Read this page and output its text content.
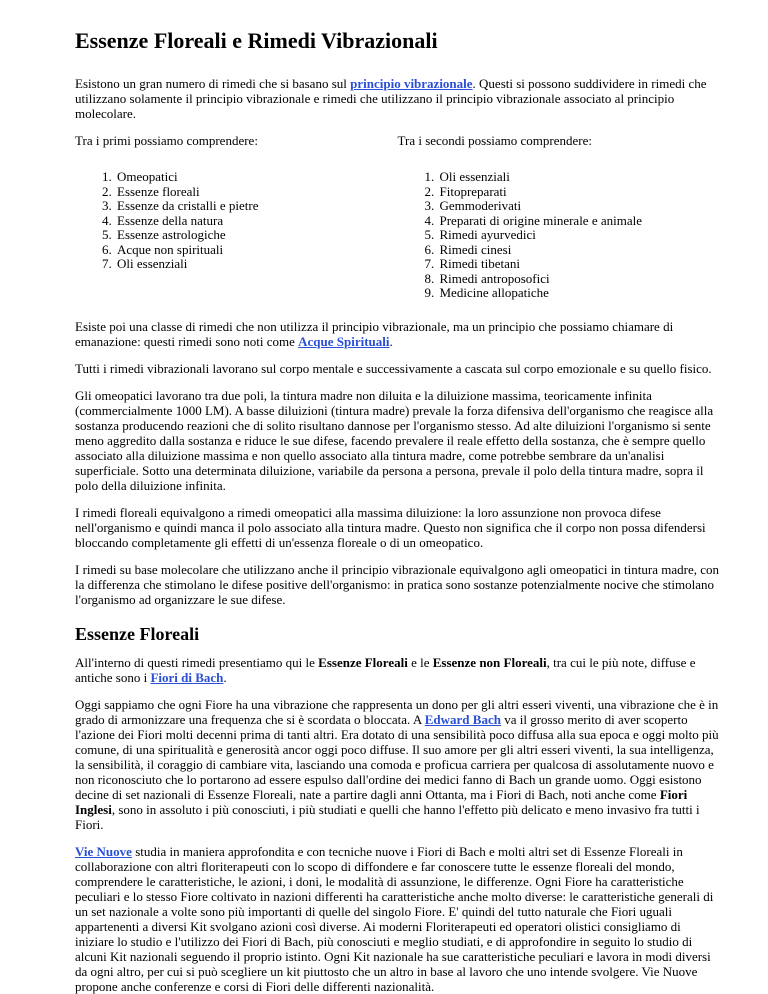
Essenze Floreali e Rimedi Vibrazionali

Esistono un gran numero di rimedi che si basano sul principio vibrazionale. Questi si possono suddividere in rimedi che utilizzano solamente il principio vibrazionale e rimedi che utilizzano il principio vibrazionale associato al principio molecolare.

Tra i primi possiamo comprendere:
1. Omeopatici
2. Essenze floreali
3. Essenze da cristalli e pietre
4. Essenze della natura
5. Essenze astrologiche
6. Acque non spirituali
7. Oli essenziali
Tra i secondi possiamo comprendere:
1. Oli essenziali
2. Fitopreparati
3. Gemmoderivati
4. Preparati di origine minerale e animale
5. Rimedi ayurvedici
6. Rimedi cinesi
7. Rimedi tibetani
8. Rimedi antroposofici
9. Medicine allopatiche

Esiste poi una classe di rimedi che non utilizza il principio vibrazionale, ma un principio che possiamo chiamare di emanazione: questi rimedi sono noti come Acque Spirituali.

Tutti i rimedi vibrazionali lavorano sul corpo mentale e successivamente a cascata sul corpo emozionale e su quello fisico.

Gli omeopatici lavorano tra due poli, la tintura madre non diluita e la diluizione massima, teoricamente infinita (commercialmente 1000 LM). A basse diluizioni (tintura madre) prevale la forza difensiva dell'organismo che reagisce alla sostanza producendo reazioni che di solito risultano dannose per l'organismo stesso. Ad alte diluizioni l'organismo si sente meno aggredito dalla sostanza e riduce le sue difese, facendo prevalere il reale effetto della sostanza, che è sempre quello associato alla diluizione massima e non quello associato alla tintura madre, come potrebbe sembrare da un'analisi superficiale. Sotto una determinata diluizione, variabile da persona a persona, prevale il polo della tintura madre, sopra il polo della diluizione infinita.

I rimedi floreali equivalgono a rimedi omeopatici alla massima diluizione: la loro assunzione non provoca difese nell'organismo e quindi manca il polo associato alla tintura madre. Questo non significa che il corpo non possa difendersi bloccando completamente gli effetti di un'essenza floreale o di un omeopatico.

I rimedi su base molecolare che utilizzano anche il principio vibrazionale equivalgono agli omeopatici in tintura madre, con la differenza che stimolano le difese positive dell'organismo: in pratica sono sostanze potenzialmente nocive che stimolano l'organismo ad organizzare le sue difese.

Essenze Floreali

All'interno di questi rimedi presentiamo qui le Essenze Floreali e le Essenze non Floreali, tra cui le più note, diffuse e antiche sono i Fiori di Bach.

Oggi sappiamo che ogni Fiore ha una vibrazione che rappresenta un dono per gli altri esseri viventi, una vibrazione che è in grado di armonizzare una frequenza che si è scordata o bloccata. A Edward Bach va il grosso merito di aver scoperto l'azione dei Fiori molti decenni prima di tanti altri. Era dotato di una sensibilità poco diffusa alla sua epoca e oggi molto più comune, di una spiritualità e generosità ancor oggi poco diffuse. Il suo amore per gli altri esseri viventi, la sua intelligenza, la sensibilità, il coraggio di cambiare vita, lasciando una comoda e proficua carriera per qualcosa di assolutamente nuovo e non riconosciuto che lo portarono ad essere espulso dall'ordine dei medici fanno di Bach un grande uomo. Oggi esistono decine di set nazionali di Essenze Floreali, nate a partire dagli anni Ottanta, ma i Fiori di Bach, noti anche come Fiori Inglesi, sono in assoluto i più conosciuti, i più studiati e quelli che hanno l'effetto più delicato e meno invasivo fra tutti i Fiori.

Vie Nuove studia in maniera approfondita e con tecniche nuove i Fiori di Bach e molti altri set di Essenze Floreali in collaborazione con altri floriterapeuti con lo scopo di diffondere e far conoscere tutte le essenze floreali del mondo, comprendere le caratteristiche, le azioni, i doni, le modalità di assunzione, le differenze. Ogni Fiore ha caratteristiche peculiari e lo stesso Fiore coltivato in nazioni differenti ha caratteristiche anche molto diverse: le caratteristiche generali di un set nazionale a volte sono più importanti di quelle del singolo Fiore. E' quindi del tutto naturale che Fiori uguali appartenenti a diversi Kit svolgano azioni così diverse. Ai moderni Floriterapeuti ed operatori olistici consigliamo di iniziare lo studio e l'utilizzo dei Fiori di Bach, più conosciuti e meglio studiati, e di approfondire in seguito lo studio di alcuni Kit nazionali seguendo il proprio istinto. Ogni Kit nazionale ha sue caratteristiche peculiari e lavora in modi diversi da ogni altro, per cui si può scegliere un kit piuttosto che un altro in base al lavoro che uno intende svolgere. Vie Nuove propone anche conferenze e corsi di Fiori delle differenti nazionalità.
